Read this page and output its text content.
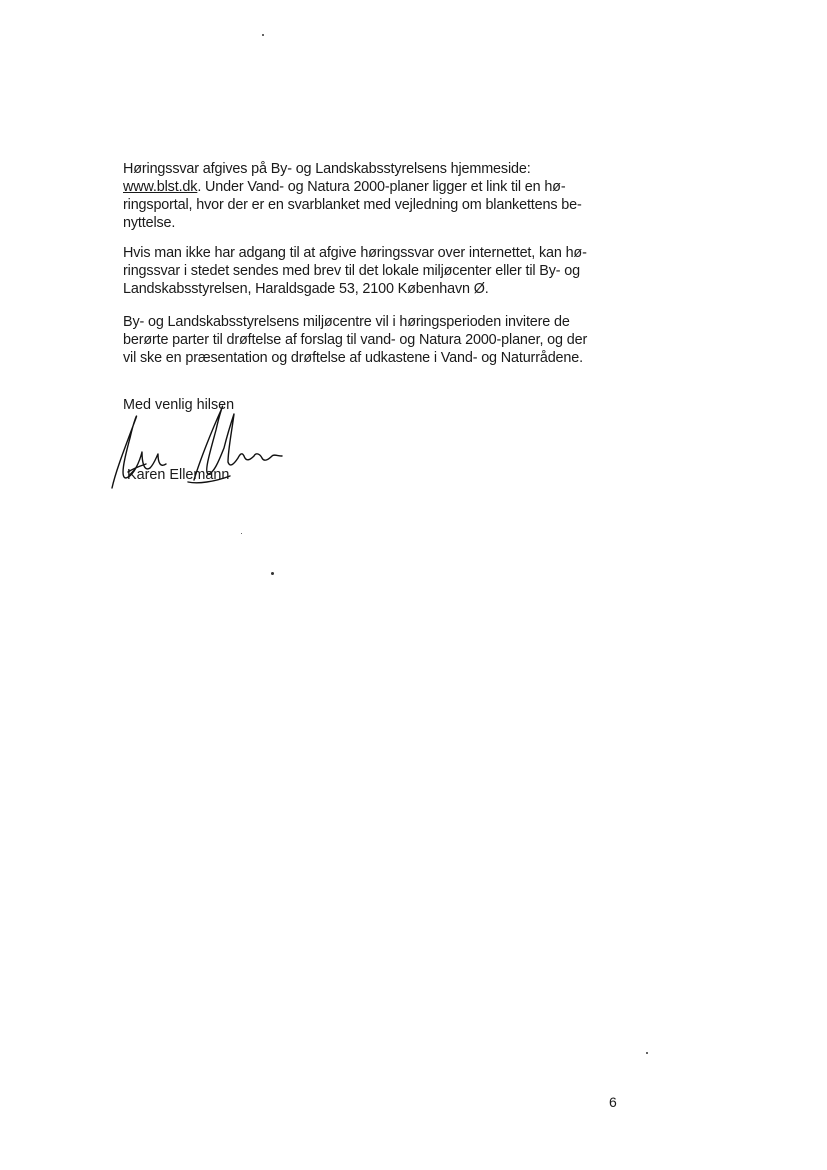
Høringssvar afgives på By- og Landskabsstyrelsens hjemmeside:
www.blst.dk. Under Vand- og Natura 2000-planer ligger et link til en hø-
ringsportal, hvor der er en svarblanket med vejledning om blankettens be-
nyttelse.
Hvis man ikke har adgang til at afgive høringssvar over internettet, kan hø-
ringssvar i stedet sendes med brev til det lokale miljøcenter eller til By- og
Landskabsstyrelsen, Haraldsgade 53, 2100 København Ø.
By- og Landskabsstyrelsens miljøcentre vil i høringsperioden invitere de
berørte parter til drøftelse af forslag til vand- og Natura 2000-planer, og der
vil ske en præsentation og drøftelse af udkastene i Vand- og Naturrådene.
Med venlig hilsen
Karen Ellemann
6
